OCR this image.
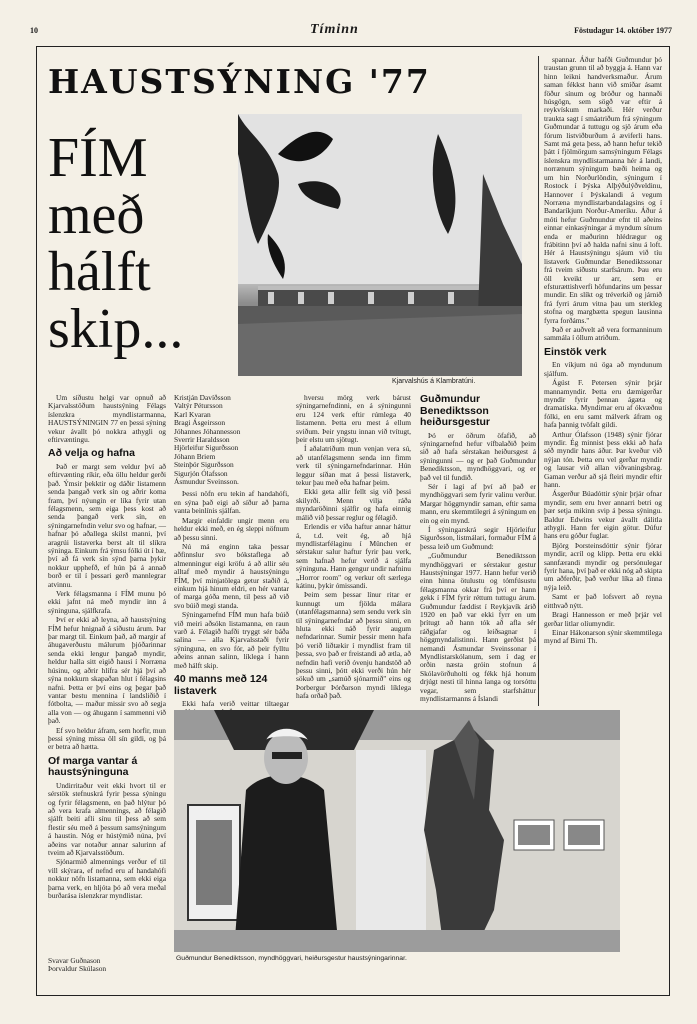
10	Tíminn	Föstudagur 14. október 1977
HAUSTSÝNING '77
FÍM
með
hálft
skip...
Kjarvalshús á Klambratúni.
Um síðustu helgi var opnuð að Kjarvalsstöðum haustsýning Félags íslenzkra myndlistarmanna, HAUSTSÝNINGIN 77 en þessi sýning vekur ávallt þó nokkra athygli og eftirvæntingu.
Að velja og hafna
Það er margt sem veldur því að eftirvænting ríkir, eða öllu heldur gerði það. Ýmsir þekktir og dáðir listamenn senda þangað verk sín og aðrir koma fram, því nýungin er líka fyrir utan félagsmenn, sem eiga þess kost að senda þangað verk sín, en sýningarnefndin velur svo og hafnar, — hafnar þó aðallega skilst manni, því aragrúi listaverka berst alt til slíkra sýninga. Einkum frá ýmsu fólki út í bæ, því að fá verk sín sýnd þarna þykir nokkur upphefð, ef hún þá á annað borð er til í þessari gerð mannlegrar atvinnu.
Verk félagsmanna í FÍM munu þó ekki jafnt ná með myndir inn á sýninguna, sjálfkrafa.
Því er ekki að leyna, að haustsýning FÍM hefur hnignað á síðustu árum. Þar þar margt til. Einkum það, að margir af áhugaverðustu málurum þjóðarinnar senda ekki lengur þangað myndir, heldur halla sitt eigið hausi í Norræna húsinu, og aðrir hlífra sér hjá því að sýna nokkurn skapaðan hlut í félagsins nafni. Þetta er því eins og þegar það vantar bestu mennina í landsliðið í fótbolta, — maður missir svo að segja alla von — og áhugann í sammenni við það.
Ef svo heldur áfram, sem horfir, mun þessi sýning missa öll sín gildi, og þá er betra að hætta.
Of marga vantar á haustsýninguna
Undirritaður veit ekki hvort til er sérstök stefnuskrá fyrir þessa sýningu og fyrir félagsmenn, en það hlýtur þó að vera krafa almennings, að félagið sjálft beiti afli sínu til þess að sem flestir séu með á þessum samsýningum á haustin. Nóg er hústýmið núna, því aðeins var notaður annar salurinn af tveim að Kjarvalsstöðum.
Sjónarmið almennings verður ef til vill skýrara, ef nefnd eru af handahófi nokkur nöfn listamanna, sem ekki eiga þarna verk, en hljóta þó að vera meðal burðarása íslenzkrar myndlistar.
Svavar Guðnason
Þorvaldur Skúlason
Kristján Davíðsson
Valtýr Pétursson
Karl Kvaran
Bragi Ásgeirsson
Jóhannes Jóhannesson
Sverrir Haraldsson
Hjörleifur Sigurðsson
Jóhann Briem
Steinþór Sigurðsson
Sigurjón Ólafsson
Ásmundur Sveinsson.
Þessi nöfn eru tekin af handahófi, en sýna það eigi að síður að þarna vanta beinlínis sjálfan.
Margir einfaldir ungir menn eru heldur ekki með, en ég sleppi nöfnum að þessu sinni.
Nú má enginn taka þessar aðfinnslur svo bókstaflega að almenningur eigi kröfu á að allir séu alltaf með myndir á haustsýningu FÍM, því minjatölega getur staðið á, einkum hjá hinum eldri, en hér vantar of marga góða menn, til þess að við svo búið megi standa.
Sýningarnefnd FÍM mun hafa búið við meiri aðsókn listamanna, en raun varð á. Félagið hafði tryggt sér báða salina — alla Kjarvalsstaði fyrir sýninguna, en svo fór, að þeir fylltu aðeins annan salinn, líklega í hann með hálft skip.
40 manns með 124 listaverk
Ekki hafa verið veittar tiltaegar
hversu mörg verk bárust sýningarnefndinni, en á sýningunni eru 124 verk eftir rúmlega 40 listamenn. Þetta eru mest á ellum sviðum. Þeir yngstu innan við tvítugt, þeir elstu um sjötugt.
Í aðalatriðum mun venjan vera sú, að utanfélagsmenn senda inn fimm verk til sýningarnefndarinnar. Hún leggur síðan mat á þessi listaverk, tekur þau með eða hafnar þeim.
Ekki geta allir fellt sig við þessi skilyrði. Menn vilja ráða myndaröðinni sjálfir og hafa einnig málið við þessar reglur og félagið.
Erlendis er víða haftur annar háttur á, t.d. veit ég, að hjá myndlistarfélaginu í München er sérstakur salur haftur fyrir þau verk, sem hafnað hefur verið á sjálfa sýninguna. Hann gengur undir nafninu „Horror room" og verkur oft særlega kátinu, þykir ómissandi.
Þeim sem þessar línur ritar er kunnugt um fjölda málara (utanfélagsmanna) sem sendu verk sín til sýningarnefndar að þessu sinni, en hluta ekki náð fyrir augum nefndarinnar. Sumir þessir menn hafa þó verið liðtækir í myndlist fram til þessa, svo það er freistandi að ætla, að nefndin hafi verið óvenju handstöð að þessu sinni, þótt ekki verði hún hér sökuð um „samúð sjónarmið" eins og Þorbergur Þórðarson myndi líklega hafa orðað það.
Guðmundur Benediktsson heiðursgestur
Þó er öðrum öfafið, að sýningarnefnd hefur vífbalaðið þeim sið að hafa sérstakan heiðursgest á sýningunni — og er það Guðmundur Benediktsson, myndhöggvari, og er það vel til fundið.
Sér í lagi af því að það er myndhöggvari sem fyrir valinu verður. Margar höggmyndir saman, eftir sama mann, eru skemmtilegri á sýningum en ein og ein mynd.
Í sýningarskrá segir Hjörleifur Sigurðsson, listmálari, formaður FÍM á þessa leið um Guðmund:
„Guðmundur Benediktsson myndhöggvari er sérstakur gestur Haustsýningar 1977. Hann hefur verið einn hinna ötulustu og tómfúsustu félagsmanna okkar frá því er hann gekk í FÍM fyrir réttum tuttugu árum. Guðmundur fæddist í Reykjavík árið 1920 en það var ekki fyrr en um þrítugt að hann tók að afla sér ráðgjafar og leiðsagnar í höggmyndalistinni. Hann gerðist þá nemandi Ásmundar Sveinssonar í Myndlistarskólanum, sem í dag er orðin næsta gróin stofnun á Skólavörðuholti og fékk hjá honum drjúgt nesti til hinna langa og torsóttu vegar, sem starfsháttur myndlistarmanns á Íslandi
spannar. Áður hafði Guðmundur þó traustan grunn til að byggja á. Hann var hinn leikni handverksmaður. Árum saman fékkst hann við smíðar ásamt föður sínum og bróður og hannaði húsgögn, sem sögð var eftir á reykvískum markaði. Hér verður traukta sagt í smáatriðum frá sýningum Guðmundar á tuttugu og sjö árum eða fórum listviðburðum á æviferli hans. Samt má geta þess, að hann hefur tekið þátt í fjölmörgum samsýningum Félags íslenskra myndlistarmanna hér á landi, norrænum sýningum bæði heima og um hin Norðurlöndin, sýningum í Rostock í Þýska Alþýðulýðveldinu, Hannover í Þýskalandi á vegum Norræna myndlistarbandalagsins og í Bandaríkjum Norður-Ameríku. Áður á móti hefur Guðmundur efnt til aðeins einnar einkasýningar á myndum sínum enda er maðurinn hlédrægur og frábitinn því að halda nafni sínu á loft. Hér á Haustsýningu sjáum við tíu listaverk Guðmundar Benediktssonar frá tveim síðustu starfsárum. Þau eru öll kveikt ur arr, sem er efsturættishverfi höfundarins um þessar mundir. En slíkt og tréverkið og járnið frá fyrri árum vitna þau um sterkleg stofna og margbætta spegun lausinna fyrra forðáms."
Það er auðvelt að vera formanninum sammála í öllum atriðum.
Einstök verk
En víkjum nú öga að myndunum sjálfum.
Ágúst F. Petersen sýnir þrjár mannamyndir. Þetta eru dæmigerðar myndir fyrir þennan ágæta og dramatíska. Myndirnar eru af ókvæðnu fólki, en eru samt málverk áfram og hafa þannig tvöfalt gildi.
Arthur Ólafsson (1948) sýnir fjórar myndir. Ég minnist þess ekki að hafa séð myndir hans áður. Þar kveður við nýjan tón. Þetta eru vel gerðar myndir og lausar við allan viðvaningsbrag. Gaman verður að sjá fleiri myndir eftir hann.
Ásgerður Búadóttir sýnir þrjár ofnar myndir, sem eru hver annarri betri og þær setja mikinn svip á þessa sýningu. Baldur Edwins vekur ávallt dálitla athygli. Hann fer eigin götur. Dúfur hans eru góður fuglar.
Björg Þorsteinsdóttir sýnir fjórar myndir, acríl og klipp. Þetta eru ekki sannfærandi myndir og persónulegar fyrir hana, því það er ekki nóg að skipta um aðferðir, það verður líka að finna nýja leið.
Samt er það lofsvert að reyna eitthvað nýtt.
Bragi Hannesson er með þrjár vel gerðar litlar olíumyndir.
Einar Hákonarson sýnir skemmtilega mynd af Birni Th.
Guðmundur Benediktsson, myndhöggvari, heiðursgestur haustsýningarinnar.
